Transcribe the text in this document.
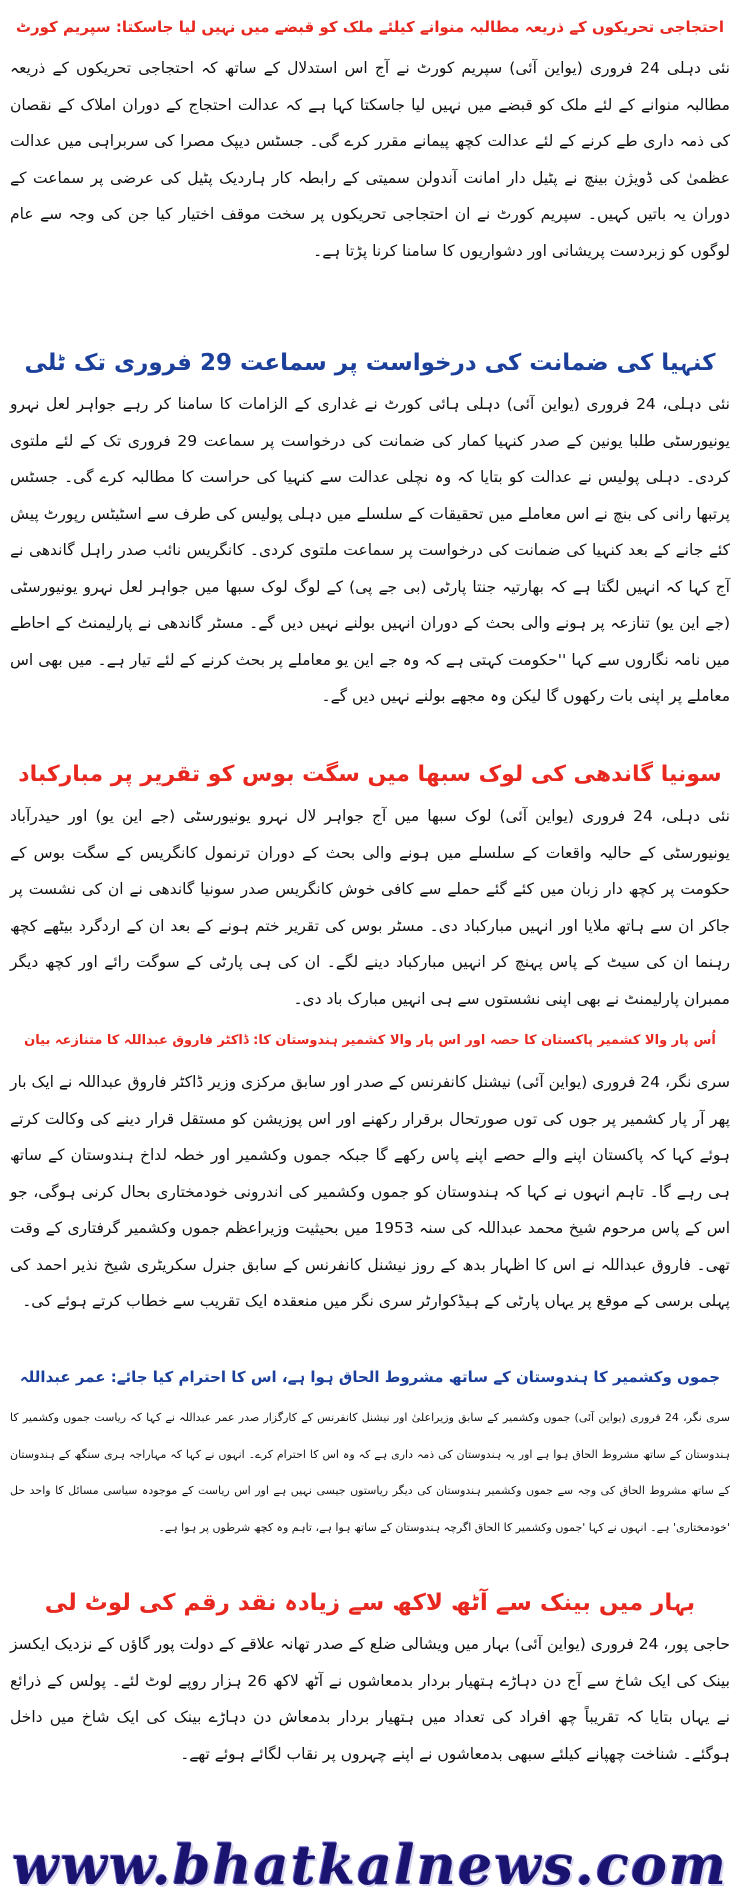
احتجاجی تحریکوں کے ذریعہ مطالبہ منوانے کیلئے ملک کو قبضے میں نہیں لیا جاسکتا: سپریم کورٹ

نئی دہلی 24 فروری (یواین آئی) سپریم کورٹ نے آج اس استدلال کے ساتھ کہ احتجاجی تحریکوں کے ذریعہ مطالبہ منوانے کے لئے ملک کو قبضے میں نہیں لیا جاسکتا کہا ہے کہ عدالت احتجاج کے دوران املاک کے نقصان کی ذمہ داری طے کرنے کے لئے عدالت کچھ پیمانے مقرر کرے گی۔ جسٹس دیپک مصرا کی سربراہی میں عدالت عظمیٰ کی ڈویژن بینچ نے پٹیل دار امانت آندولن سمیتی کے رابطہ کار ہاردیک پٹیل کی عرضی پر سماعت کے دوران یہ باتیں کہیں۔ سپریم کورٹ نے ان احتجاجی تحریکوں پر سخت موقف اختیار کیا جن کی وجہ سے عام لوگوں کو زبردست پریشانی اور دشواریوں کا سامنا کرنا پڑتا ہے۔

کنہیا کی ضمانت کی درخواست پر سماعت 29 فروری تک ٹلی

نئی دہلی، 24 فروری (یواین آئی) دہلی ہائی کورٹ نے غداری کے الزامات کا سامنا کر رہے جواہر لعل نہرو یونیورسٹی طلبا یونین کے صدر کنہیا کمار کی ضمانت کی درخواست پر سماعت 29 فروری تک کے لئے ملتوی کردی۔ دہلی پولیس نے عدالت کو بتایا کہ وہ نچلی عدالت سے کنہیا کی حراست کا مطالبہ کرے گی۔ جسٹس پرتبھا رانی کی بنچ نے اس معاملے میں تحقیقات کے سلسلے میں دہلی پولیس کی طرف سے اسٹیٹس رپورٹ پیش کئے جانے کے بعد کنہیا کی ضمانت کی درخواست پر سماعت ملتوی کردی۔ کانگریس نائب صدر راہل گاندھی نے آج کہا کہ انہیں لگتا ہے کہ بھارتیہ جنتا پارٹی (بی جے پی) کے لوگ لوک سبھا میں جواہر لعل نہرو یونیورسٹی (جے این یو) تنازعہ پر ہونے والی بحث کے دوران انہیں بولنے نہیں دیں گے۔ مسٹر گاندھی نے پارلیمنٹ کے احاطے میں نامہ نگاروں سے کہا ''حکومت کہتی ہے کہ وہ جے این یو معاملے پر بحث کرنے کے لئے تیار ہے۔ میں بھی اس معاملے پر اپنی بات رکھوں گا لیکن وہ مجھے بولنے نہیں دیں گے۔

سونیا گاندھی کی لوک سبھا میں سگت بوس کو تقریر پر مبارکباد

نئی دہلی، 24 فروری (یواین آئی) لوک سبھا میں آج جواہر لال نہرو یونیورسٹی (جے این یو) اور حیدرآباد یونیورسٹی کے حالیہ واقعات کے سلسلے میں ہونے والی بحث کے دوران ترنمول کانگریس کے سگت بوس کے حکومت پر کچھ دار زبان میں کئے گئے حملے سے کافی خوش کانگریس صدر سونیا گاندھی نے ان کی نشست پر جاکر ان سے ہاتھ ملایا اور انہیں مبارکباد دی۔ مسٹر بوس کی تقریر ختم ہونے کے بعد ان کے اردگرد بیٹھے کچھ رہنما ان کی سیٹ کے پاس پہنچ کر انہیں مبارکباد دینے لگے۔ ان کی ہی پارٹی کے سوگت رائے اور کچھ دیگر ممبران پارلیمنٹ نے بھی اپنی نشستوں سے ہی انہیں مبارک باد دی۔

اُس پار والا کشمیر پاکستان کا حصہ اور اس پار والا کشمیر ہندوستان کا: ڈاکٹر فاروق عبداللہ کا متنازعہ بیان

سری نگر، 24 فروری (یواین آئی) نیشنل کانفرنس کے صدر اور سابق مرکزی وزیر ڈاکٹر فاروق عبداللہ نے ایک بار پھر آر پار کشمیر پر جوں کی توں صورتحال برقرار رکھنے اور اس پوزیشن کو مستقل قرار دینے کی وکالت کرتے ہوئے کہا کہ پاکستان اپنے والے حصے اپنے پاس رکھے گا جبکہ جموں وکشمیر اور خطہ لداخ ہندوستان کے ساتھ ہی رہے گا۔ تاہم انہوں نے کہا کہ ہندوستان کو جموں وکشمیر کی اندرونی خودمختاری بحال کرنی ہوگی، جو اس کے پاس مرحوم شیخ محمد عبداللہ کی سنہ 1953 میں بحیثیت وزیراعظم جموں وکشمیر گرفتاری کے وقت تھی۔ فاروق عبداللہ نے اس کا اظہار بدھ کے روز نیشنل کانفرنس کے سابق جنرل سکریٹری شیخ نذیر احمد کی پہلی برسی کے موقع پر یہاں پارٹی کے ہیڈکوارٹر سری نگر میں منعقدہ ایک تقریب سے خطاب کرتے ہوئے کی۔

جموں وکشمیر کا ہندوستان کے ساتھ مشروط الحاق ہوا ہے، اس کا احترام کیا جائے: عمر عبداللہ

سری نگر، 24 فروری (یواین آئی) جموں وکشمیر کے سابق وزیراعلیٰ اور نیشنل کانفرنس کے کارگزار صدر عمر عبداللہ نے کہا کہ ریاست جموں وکشمیر کا ہندوستان کے ساتھ مشروط الحاق ہوا ہے اور یہ ہندوستان کی ذمہ داری ہے کہ وہ اس کا احترام کرے۔ انہوں نے کہا کہ مہاراجہ ہری سنگھ کے ہندوستان کے ساتھ مشروط الحاق کی وجہ سے جموں وکشمیر ہندوستان کی دیگر ریاستوں جیسی نہیں ہے اور اس ریاست کے موجودہ سیاسی مسائل کا واحد حل 'خودمختاری' ہے۔ انہوں نے کہا 'جموں وکشمیر کا الحاق اگرچہ ہندوستان کے ساتھ ہوا ہے، تاہم وہ کچھ شرطوں پر ہوا ہے۔

بہار میں بینک سے آٹھ لاکھ سے زیادہ نقد رقم کی لوٹ لی

حاجی پور، 24 فروری (یواین آئی) بہار میں ویشالی ضلع کے صدر تھانہ علاقے کے دولت پور گاؤں کے نزدیک ایکسز بینک کی ایک شاخ سے آج دن دہاڑے ہتھیار بردار بدمعاشوں نے آٹھ لاکھ 26 ہزار روپے لوٹ لئے۔ پولس کے ذرائع نے یہاں بتایا کہ تقریباً چھ افراد کی تعداد میں ہتھیار بردار بدمعاش دن دہاڑے بینک کی ایک شاخ میں داخل ہوگئے۔ شناخت چھپانے کیلئے سبھی بدمعاشوں نے اپنے چہروں پر نقاب لگائے ہوئے تھے۔

www.bhatkalnews.com
